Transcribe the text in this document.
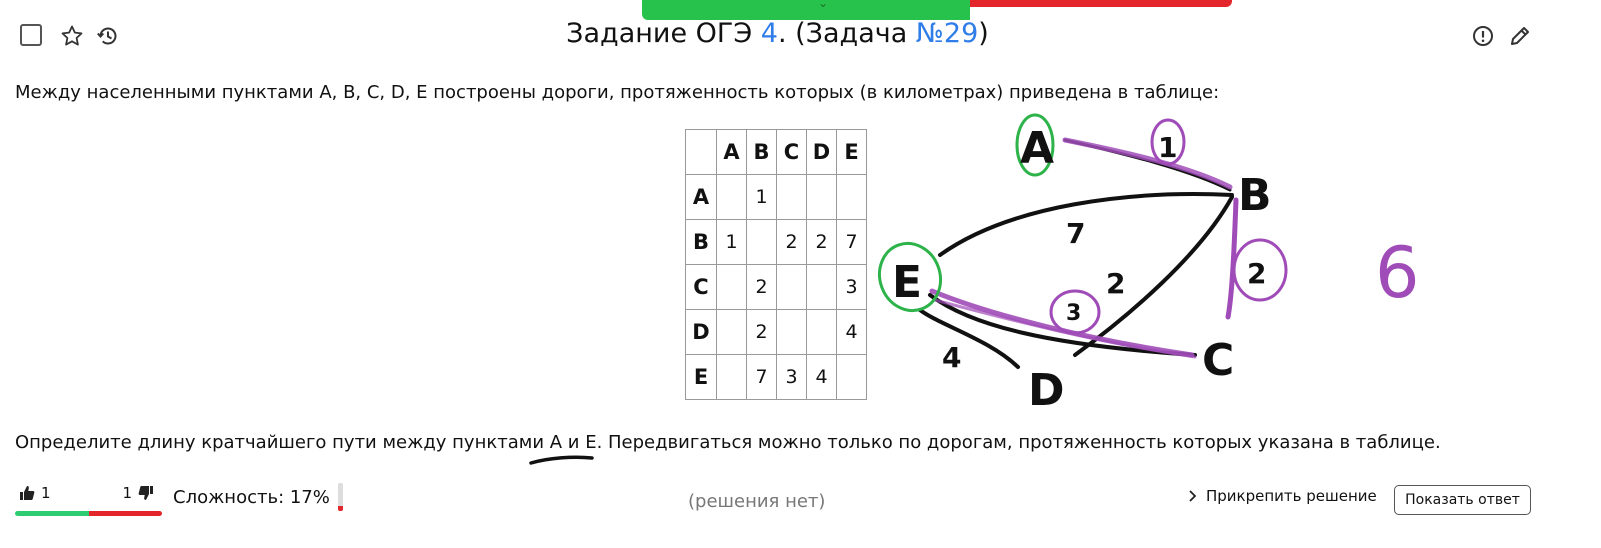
⌄
Задание ОГЭ 4. (Задача №29)
Между населенными пунктами A, B, C, D, E построены дороги, протяженность которых (в километрах) приведена в таблице:
	A	B	C	D	E
A		1			
B	1		2	2	7
C		2			3
D		2			4
E		7	3	4	
A
B
C
D
E
1
7
2	2
3
4
6
Определите длину кратчайшего пути между пунктами A и E. Передвигаться можно только по дорогам, протяженность которых указана в таблице.
1	1 Сложность: 17%	(решения нет)	Прикрепить решение	Показать ответ
